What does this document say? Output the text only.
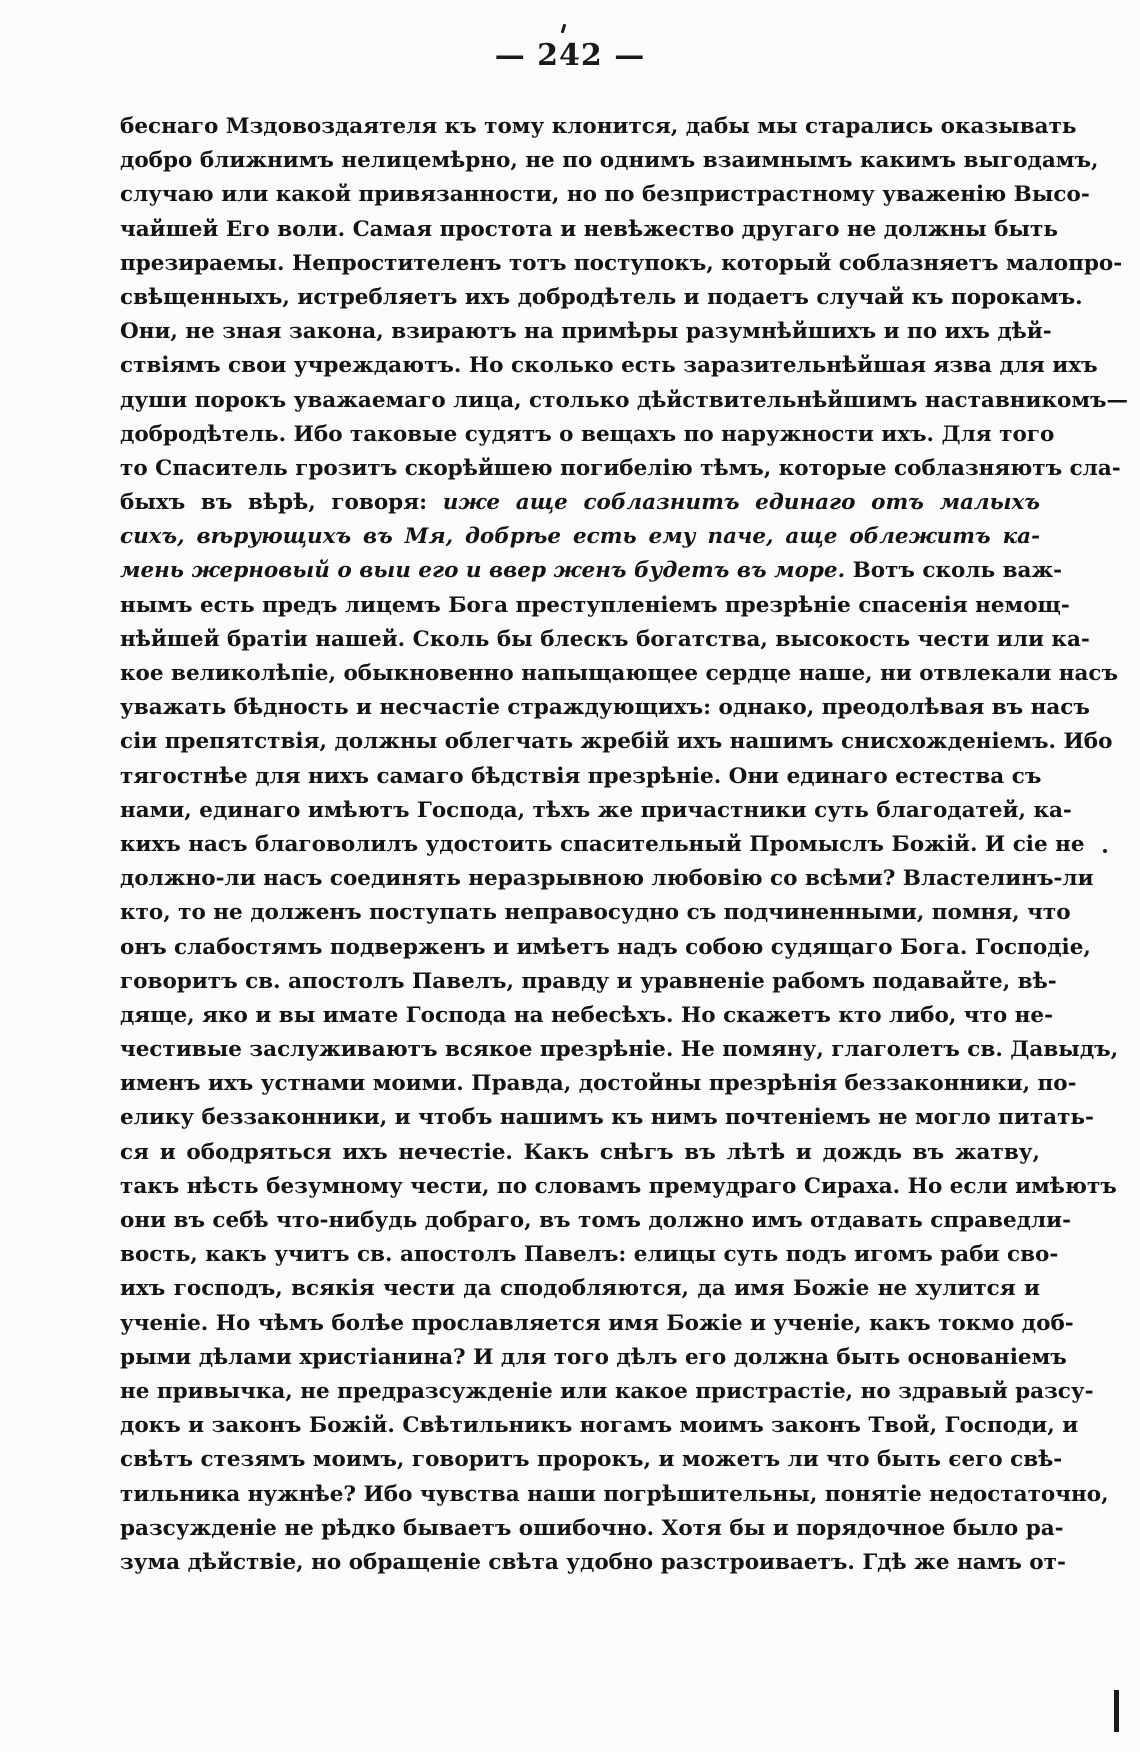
— 242 —
беснаго Мздовоздаятеля къ тому клонится, дабы мы старались оказывать
добро ближнимъ нелицемѣрно, не по однимъ взаимнымъ какимъ выгодамъ,
случаю или какой привязанности, но по безпристрастному уваженію Высо-
чайшей Его воли. Самая простота и невѣжество другаго не должны быть
презираемы. Непростителенъ тотъ поступокъ, который соблазняетъ малопро-
свѣщенныхъ, истребляетъ ихъ добродѣтель и подаетъ случай къ порокамъ.
Они, не зная закона, взираютъ на примѣры разумнѣйшихъ и по ихъ дѣй-
ствіямъ свои учреждаютъ. Но сколько есть заразительнѣйшая язва для ихъ
души порокъ уважаемаго лица, столько дѣйствительнѣйшимъ наставникомъ—
добродѣтель. Ибо таковые судятъ о вещахъ по наружности ихъ. Для того
то Спаситель грозитъ скорѣйшею погибелію тѣмъ, которые соблазняютъ сла-
быхъ въ вѣрѣ, говоря: иже аще соблазнитъ единаго отъ малыхъ
сихъ, вѣрующихъ въ Мя, добрѣе есть ему паче, аще облежитъ ка-
мень жерновый о выи его и ввер женъ будетъ въ море. Вотъ сколь важ-
нымъ есть предъ лицемъ Бога преступленіемъ презрѣніе спасенія немощ-
нѣйшей братіи нашей. Сколь бы блескъ богатства, высокость чести или ка-
кое великолѣпіе, обыкновенно напыщающее сердце наше, ни отвлекали насъ
уважать бѣдность и несчастіе страждующихъ: однако, преодолѣвая въ насъ
сіи препятствія, должны облегчать жребій ихъ нашимъ снисхожденіемъ. Ибо
тягостнѣе для нихъ самаго бѣдствія презрѣніе. Они единаго естества съ
нами, единаго имѣютъ Господа, тѣхъ же причастники суть благодатей, ка-
кихъ насъ благоволилъ удостоить спасительный Промыслъ Божій. И сіе не
должно-ли насъ соединять неразрывною любовію со всѣми? Властелинъ-ли
кто, то не долженъ поступать неправосудно съ подчиненными, помня, что
онъ слабостямъ подверженъ и имѣетъ надъ собою судящаго Бога. Господіе,
говоритъ св. апостолъ Павелъ, правду и уравненіе рабомъ подавайте, вѣ-
дяще, яко и вы имате Господа на небесѣхъ. Но скажетъ кто либо, что не-
честивые заслуживаютъ всякое презрѣніе. Не помяну, глаголетъ св. Давыдъ,
именъ ихъ устнами моими. Правда, достойны презрѣнія беззаконники, по-
елику беззаконники, и чтобъ нашимъ къ нимъ почтеніемъ не могло питать-
ся и ободряться ихъ нечестіе. Какъ снѣгъ въ лѣтѣ и дождь въ жатву,
такъ нѣсть безумному чести, по словамъ премудраго Сираха. Но если имѣютъ
они въ себѣ что-нибудь добраго, въ томъ должно имъ отдавать справедли-
вость, какъ учитъ св. апостолъ Павелъ: елицы суть подъ игомъ раби сво-
ихъ господъ, всякія чести да сподобляются, да имя Божіе не хулится и
ученіе. Но чѣмъ болѣе прославляется имя Божіе и ученіе, какъ токмо доб-
рыми дѣлами христіанина? И для того дѣлъ его должна быть основаніемъ
не привычка, не предразсужденіе или какое пристрастіе, но здравый разсу-
докъ и законъ Божій. Свѣтильникъ ногамъ моимъ законъ Твой, Господи, и
свѣтъ стезямъ моимъ, говоритъ пророкъ, и можетъ ли что быть єего свѣ-
тильника нужнѣе? Ибо чувства наши погрѣшительны, понятіе недостаточно,
разсужденіе не рѣдко бываетъ ошибочно. Хотя бы и порядочное было ра-
зума дѣйствіе, но обращеніе свѣта удобно разстроиваетъ. Гдѣ же намъ от-
